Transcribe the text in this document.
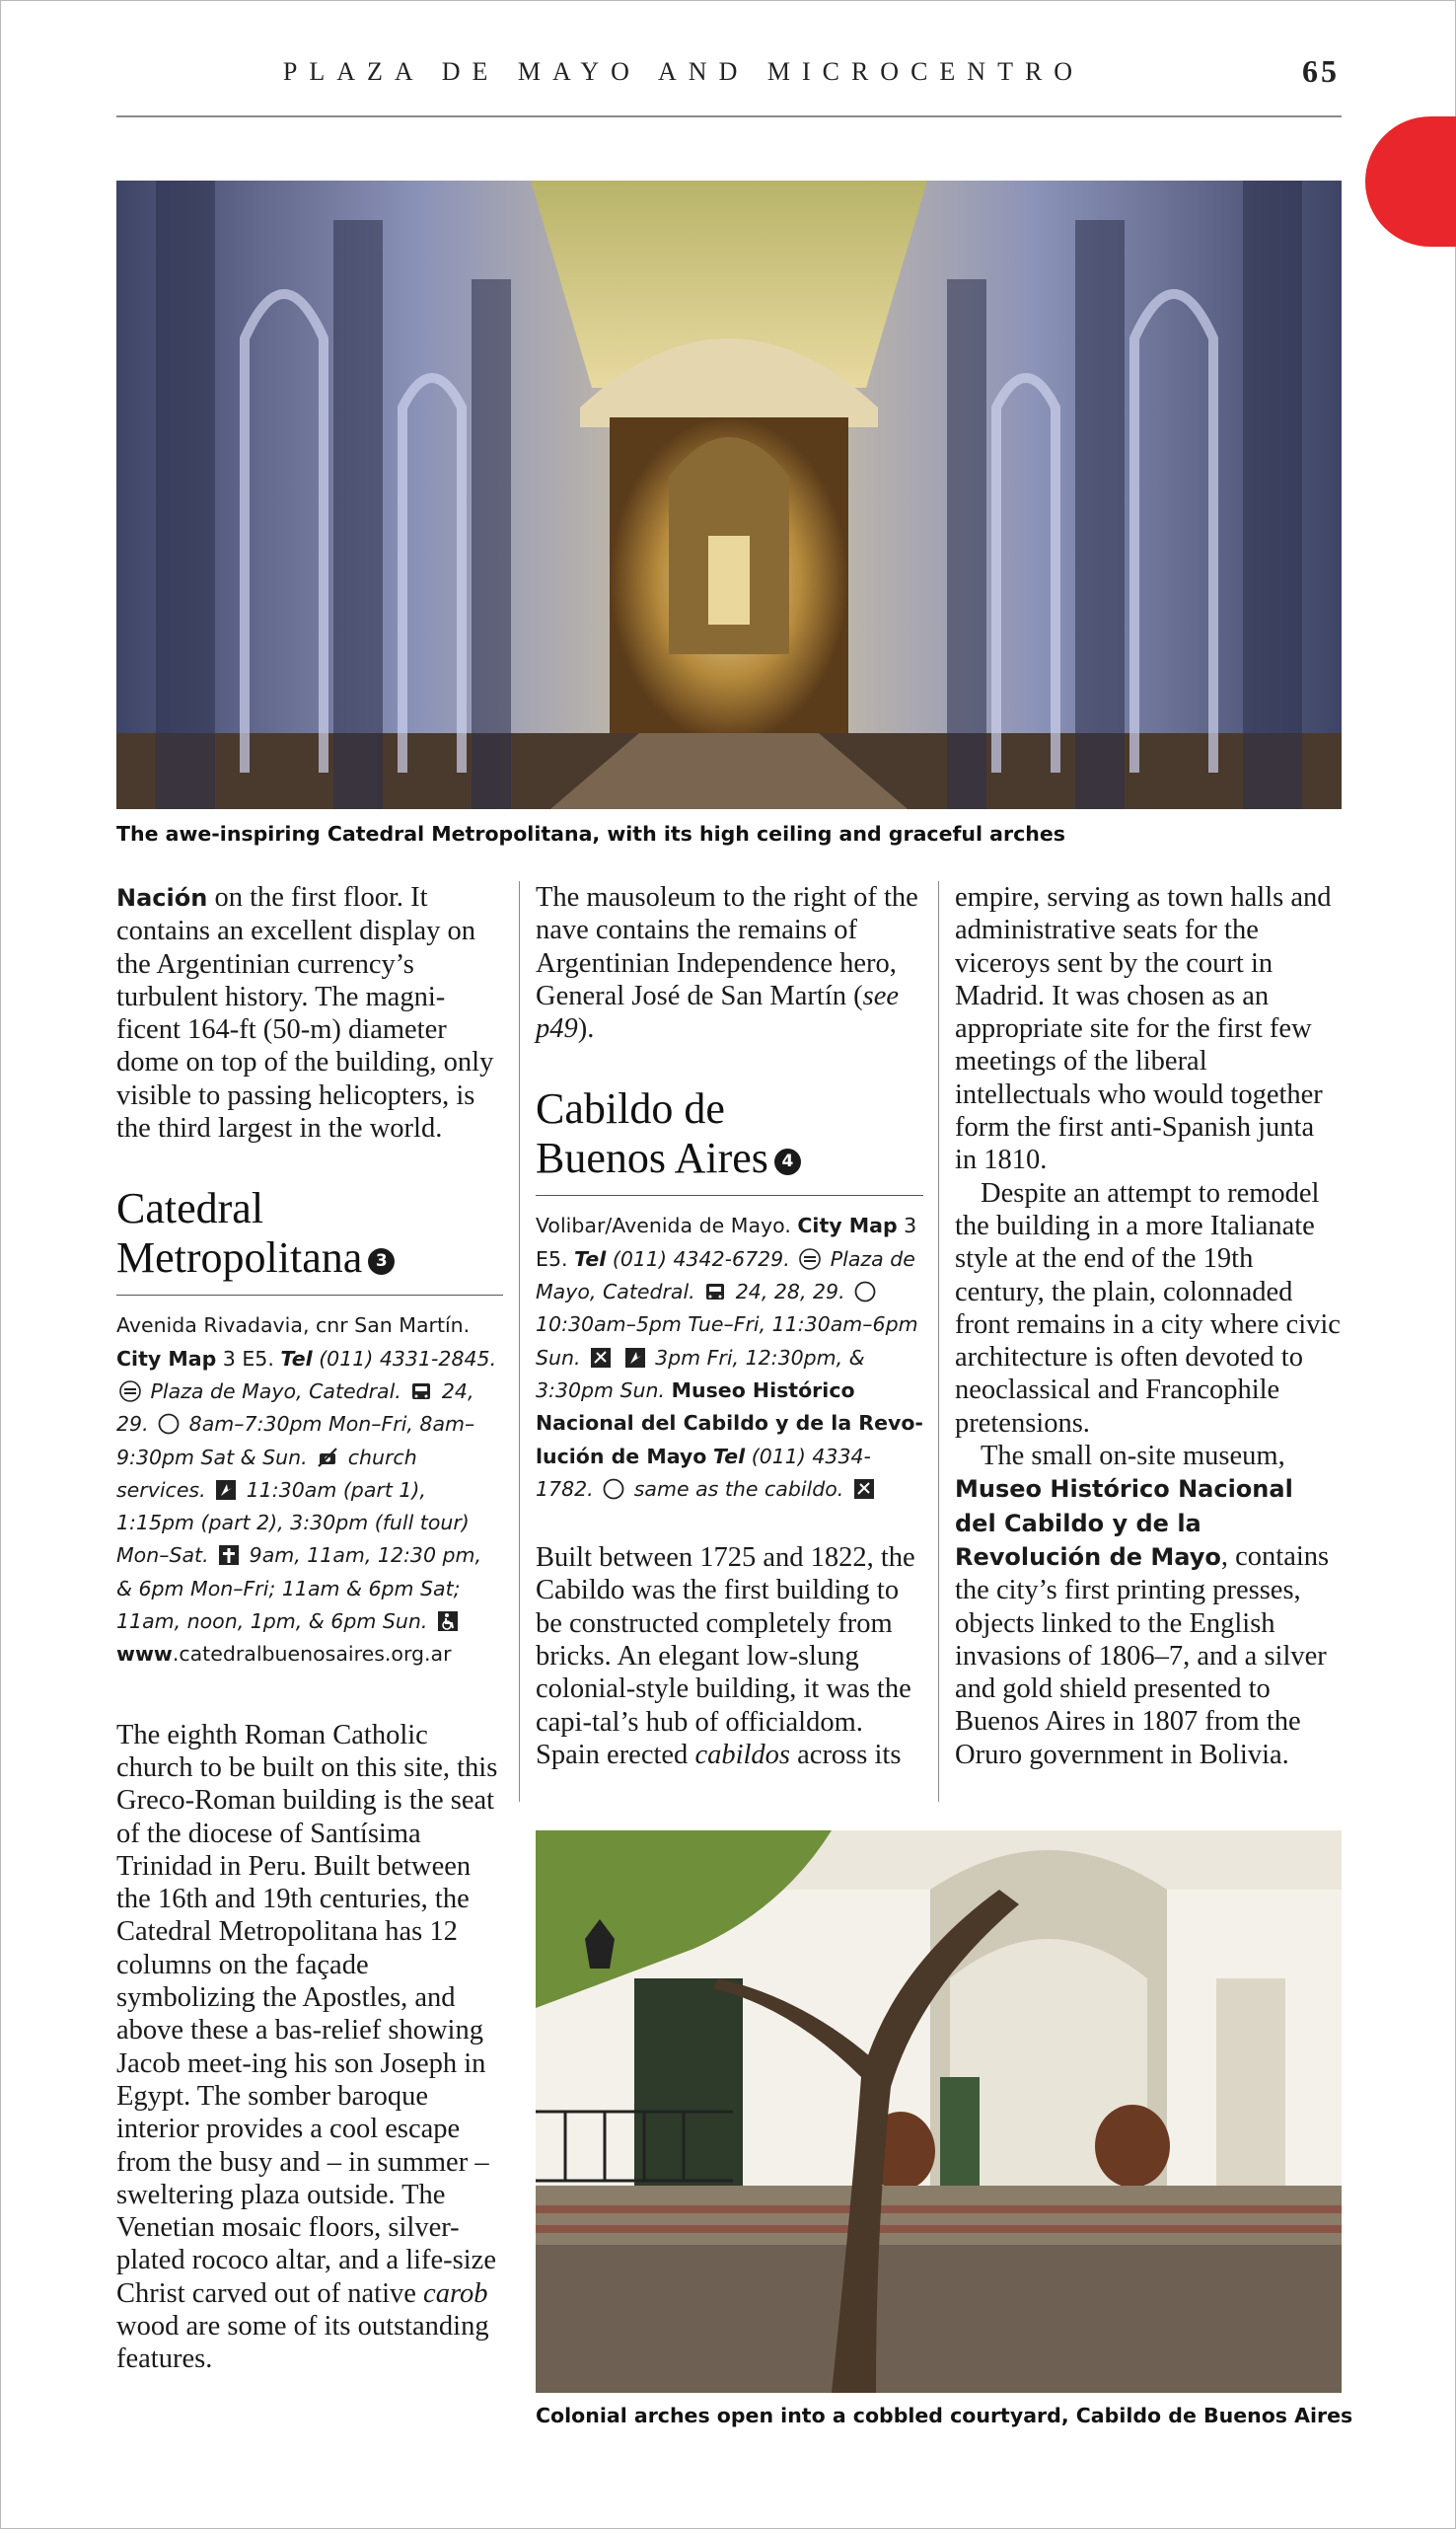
PLAZA DE MAYO AND MICROCENTRO	65
The awe-inspiring Catedral Metropolitana, with its high ceiling and graceful arches

Nación on the first floor. It contains an excellent display on the Argentinian currency’s turbulent history. The magni-ficent 164-ft (50-m) diameter dome on top of the building, only visible to passing helicopters, is the third largest in the world.

Catedral
Metropolitana 3

Avenida Rivadavia, cnr San Martín.
City Map 3 E5. Tel (011) 4331-2845.
Plaza de Mayo, Catedral.
24, 29.
8am–7:30pm Mon–Fri, 8am–9:30pm Sat & Sun.
church services.
11:30am (part 1), 1:15pm (part 2), 3:30pm (full tour) Mon–Sat.
9am, 11am, 12:30 pm, & 6pm Mon–Fri; 11am & 6pm Sat; 11am, noon, 1pm, & 6pm Sun.

www.catedralbuenosaires.org.ar

The eighth Roman Catholic church to be built on this site, this Greco-Roman building is the seat of the diocese of Santísima Trinidad in Peru. Built between the 16th and 19th centuries, the Catedral Metropolitana has 12 columns on the façade symbolizing the Apostles, and above these a bas-relief showing Jacob meet-ing his son Joseph in Egypt. The somber baroque interior provides a cool escape from the busy and – in summer – sweltering plaza outside. The Venetian mosaic floors, silver-plated rococo altar, and a life-size Christ carved out of native carob wood are some of its outstanding features.

The mausoleum to the right of the nave contains the remains of Argentinian Independence hero, General José de San Martín (see p49).

Cabildo de
Buenos Aires 4

Volibar/Avenida de Mayo. City Map 3 E5. Tel (011) 4342-6729.
Plaza de Mayo, Catedral.
24, 28, 29.
10:30am–5pm Tue–Fri, 11:30am–6pm Sun.
	3pm Fri, 12:30pm, & 3:30pm Sun. Museo Histórico Nacional del Cabildo y de la Revo-lución de Mayo Tel (011) 4334-1782.
same as the cabildo.

Built between 1725 and 1822, the Cabildo was the first building to be constructed completely from bricks. An elegant low-slung colonial-style building, it was the capi-tal’s hub of officialdom. Spain erected cabildos across its

empire, serving as town halls and administrative seats for the viceroys sent by the court in Madrid. It was chosen as an appropriate site for the first few meetings of the liberal intellectuals who would together form the first anti-Spanish junta in 1810.

Despite an attempt to remodel the building in a more Italianate style at the end of the 19th century, the plain, colonnaded front remains in a city where civic architecture is often devoted to neoclassical and Francophile pretensions.

The small on-site museum, Museo Histórico Nacional del Cabildo y de la Revolución de Mayo, contains the city’s first printing presses, objects linked to the English invasions of 1806–7, and a silver and gold shield presented to Buenos Aires in 1807 from the Oruro government in Bolivia.

Colonial arches open into a cobbled courtyard, Cabildo de Buenos Aires
